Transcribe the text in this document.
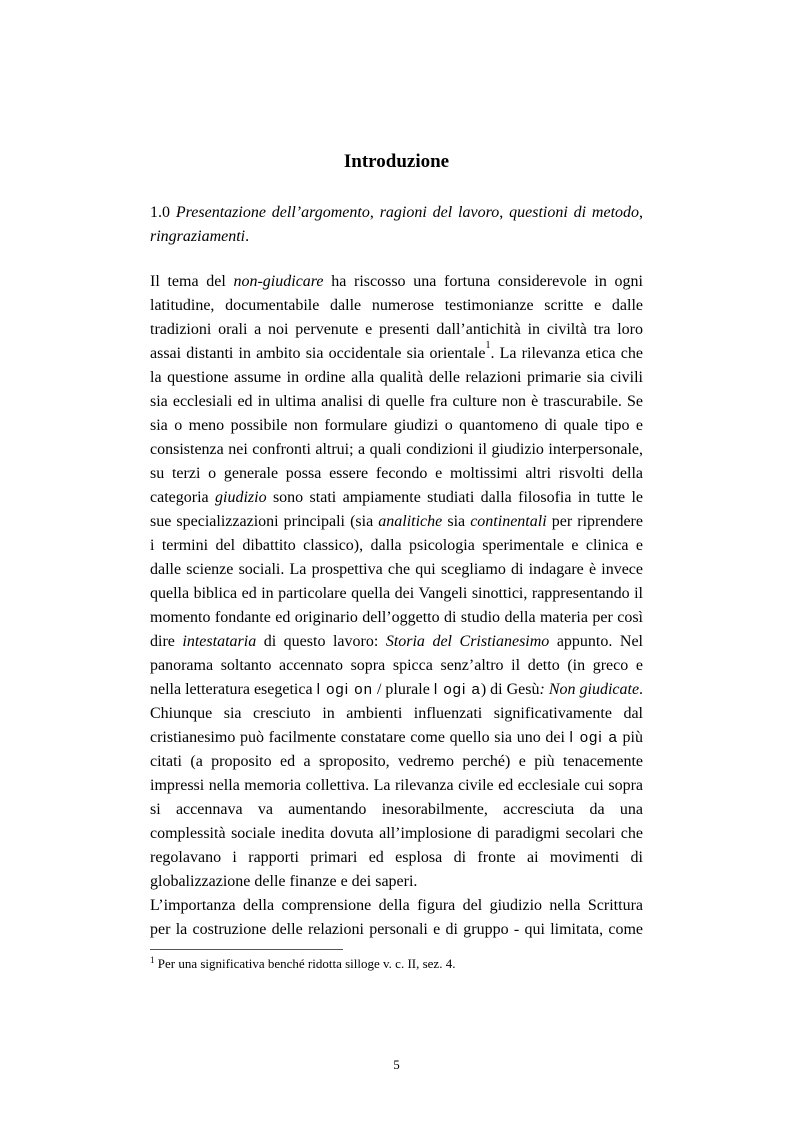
Introduzione
1.0 Presentazione dell’argomento, ragioni del lavoro, questioni di metodo,
ringraziamenti.
Il tema del non-giudicare ha riscosso una fortuna considerevole in ogni
latitudine, documentabile dalle numerose testimonianze scritte e dalle
tradizioni orali a noi pervenute e presenti dall’antichità in civiltà tra loro
assai distanti in ambito sia occidentale sia orientale$^1$. La rilevanza etica che
la questione assume in ordine alla qualità delle relazioni primarie sia civili
sia ecclesiali ed in ultima analisi di quelle fra culture non è trascurabile. Se
sia o meno possibile non formulare giudizi o quantomeno di quale tipo e
consistenza nei confronti altrui; a quali condizioni il giudizio interpersonale,
su terzi o generale possa essere fecondo e moltissimi altri risvolti della
categoria giudizio sono stati ampiamente studiati dalla filosofia in tutte le
sue specializzazioni principali (sia analitiche sia continentali per riprendere
i termini del dibattito classico), dalla psicologia sperimentale e clinica e
dalle scienze sociali. La prospettiva che qui scegliamo di indagare è invece
quella biblica ed in particolare quella dei Vangeli sinottici, rappresentando il
momento fondante ed originario dell’oggetto di studio della materia per così
dire intestataria di questo lavoro: Storia del Cristianesimo appunto. Nel
panorama soltanto accennato sopra spicca senz’altro il detto (in greco e
nella letteratura esegetica l ogi on / plurale l ogi a) di Gesù: Non giudicate.
Chiunque sia cresciuto in ambienti influenzati significativamente dal
cristianesimo può facilmente constatare come quello sia uno dei l ogi a più
citati (a proposito ed a sproposito, vedremo perché) e più tenacemente
impressi nella memoria collettiva. La rilevanza civile ed ecclesiale cui sopra
si accennava va aumentando inesorabilmente, accresciuta da una
complessità sociale inedita dovuta all’implosione di paradigmi secolari che
regolavano i rapporti primari ed esplosa di fronte ai movimenti di
globalizzazione delle finanze e dei saperi.
L’importanza della comprensione della figura del giudizio nella Scrittura
per la costruzione delle relazioni personali e di gruppo - qui limitata, come
$^1$ Per una significativa benché ridotta silloge v. c. II, sez. 4.
5
